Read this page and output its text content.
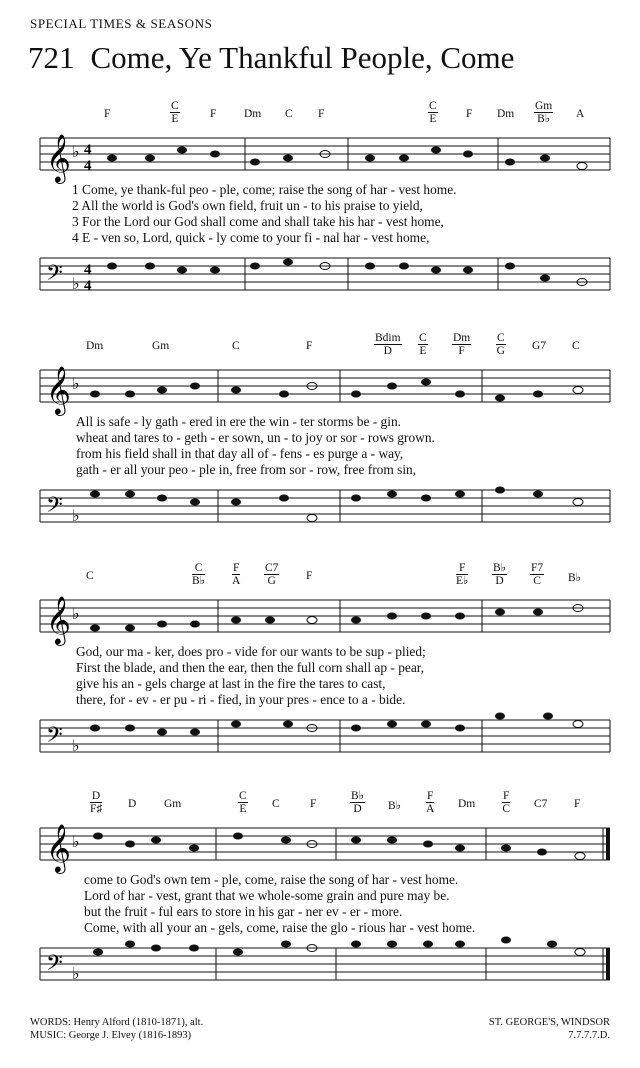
SPECIAL TIMES & SEASONS
721 Come, Ye Thankful People, Come
F
C
E	F Dm C F
C
E	F Dm
Gm
B♭ A
𝄞 ♭ 4
4
1 Come, ye thank-ful peo - ple, come; raise the song of har - vest home.
2 All the world is God's own field, fruit un - to his praise to yield,
3 For the Lord our God shall come and shall take his har - vest home,
4 E - ven so, Lord, quick - ly come to your fi - nal har - vest home,
𝄢 ♭
4
4
Dm	Gm	C	F
Bdim
D
C
E
Dm
F
C
G G7 C
𝄞 ♭
All is safe - ly gath - ered in ere the win - ter storms be - gin.
wheat and tares to - geth - er sown, un - to joy or sor - rows grown.
from his field shall in that day all of - fens - es purge a - way,
gath - er all your peo - ple in, free from sor - row, free from sin,
𝄢 ♭
C
C
B♭
F
A
C7
G	F
F
E♭
B♭
D
F7
C B♭
𝄞 ♭
God, our ma - ker, does pro - vide for our wants to be sup - plied;
First the blade, and then the ear, then the full corn shall ap - pear,
give his an - gels charge at last in the fire the tares to cast,
there, for - ev - er pu - ri - fied, in your pres - ence to a - bide.
𝄢 ♭
D
F♯ D Gm
C
E C	F
B♭
D B♭
F
A Dm
F
C C7 F
𝄞 ♭
come to God's own tem - ple, come, raise the song of har - vest home.
Lord of har - vest, grant that we whole-some grain and pure may be.
but the fruit - ful ears to store in his gar - ner ev - er - more.
Come, with all your an - gels, come, raise the glo - rious har - vest home.
𝄢 ♭
WORDS: Henry Alford (1810-1871), alt.
MUSIC: George J. Elvey (1816-1893)
ST. GEORGE'S, WINDSOR
7.7.7.7.D.
